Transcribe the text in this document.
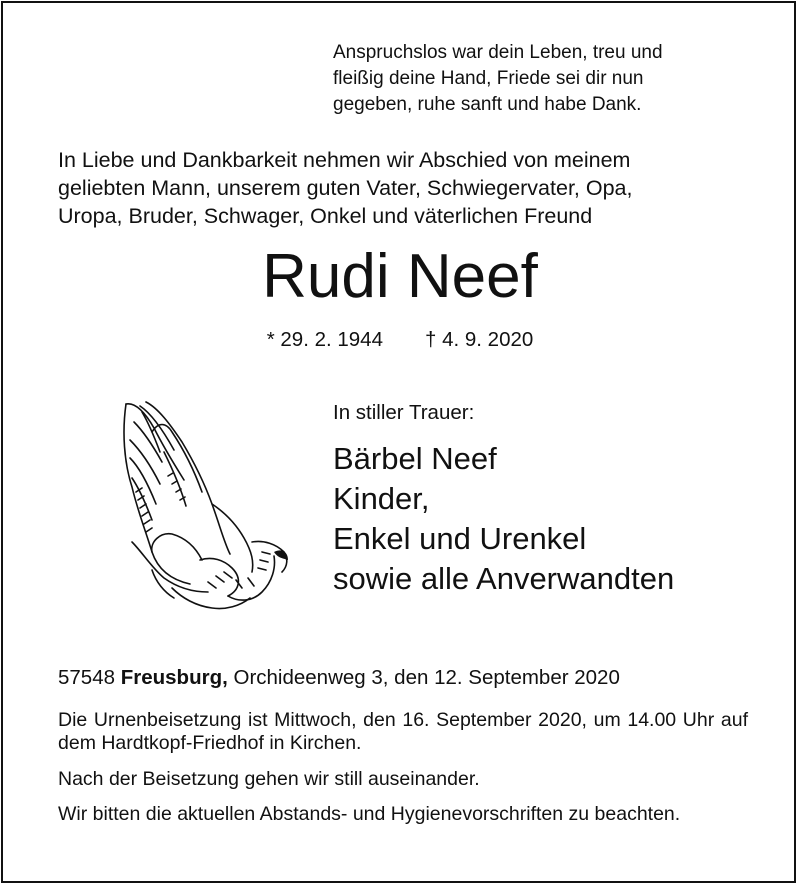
Anspruchslos war dein Leben, treu und
fleißig deine Hand, Friede sei dir nun
gegeben, ruhe sanft und habe Dank.
In Liebe und Dankbarkeit nehmen wir Abschied von meinem
geliebten Mann, unserem guten Vater, Schwiegervater, Opa,
Uropa, Bruder, Schwager, Onkel und väterlichen Freund
Rudi Neef
* 29. 2. 1944 † 4. 9. 2020
In stiller Trauer:
Bärbel Neef
Kinder,
Enkel und Urenkel
sowie alle Anverwandten
57548 Freusburg, Orchideenweg 3, den 12. September 2020
Die Urnenbeisetzung ist Mittwoch, den 16. September 2020, um 14.00 Uhr auf dem Hardtkopf-Friedhof in Kirchen.
Nach der Beisetzung gehen wir still auseinander.
Wir bitten die aktuellen Abstands- und Hygienevorschriften zu beachten.
